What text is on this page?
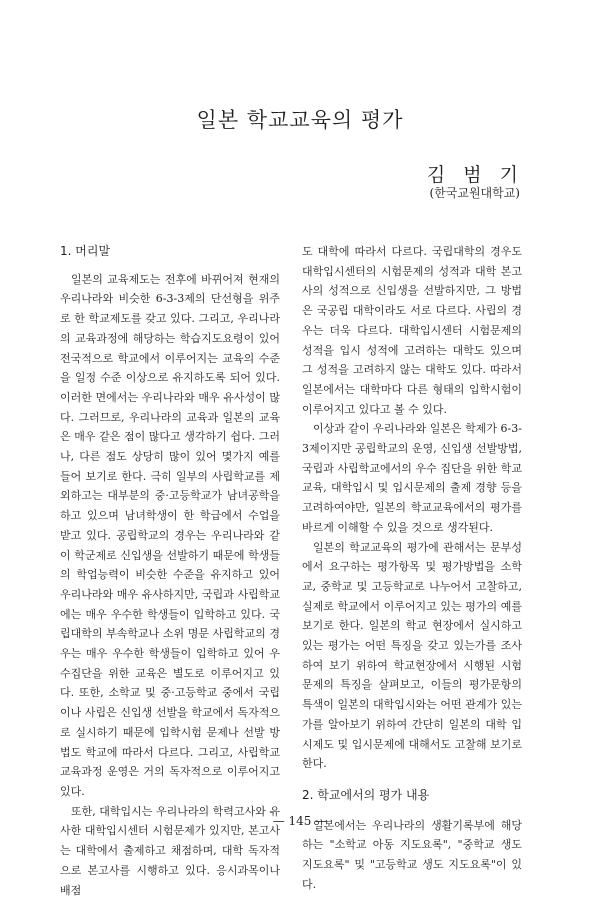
일본 학교교육의 평가
김 범 기
(한국교원대학교)
1. 머리말

일본의 교육제도는 전후에 바뀌어져 현재의 우리나라와 비슷한 6-3-3제의 단선형을 위주로 한 학교제도를 갖고 있다. 그리고, 우리나라의 교육과정에 해당하는 학습지도요령이 있어 전국적으로 학교에서 이루어지는 교육의 수준을 일정 수준 이상으로 유지하도록 되어 있다. 이러한 면에서는 우리나라와 매우 유사성이 많다. 그러므로, 우리나라의 교육과 일본의 교육은 매우 같은 점이 많다고 생각하기 쉽다. 그러나, 다른 점도 상당히 많이 있어 몇가지 예를 들어 보기로 한다. 극히 일부의 사립학교를 제외하고는 대부분의 중·고등학교가 남녀공학을 하고 있으며 남녀학생이 한 학급에서 수업을 받고 있다. 공립학교의 경우는 우리나라와 같이 학군제로 신입생을 선발하기 때문에 학생들의 학업능력이 비슷한 수준을 유지하고 있어 우리나라와 매우 유사하지만, 국립과 사립학교에는 매우 우수한 학생들이 입학하고 있다. 국립대학의 부속학교나 소위 명문 사립학교의 경우는 매우 우수한 학생들이 입학하고 있어 우수집단을 위한 교육은 별도로 이루어지고 있다. 또한, 소학교 및 중·고등학교 중에서 국립이나 사립은 신입생 선발을 학교에서 독자적으로 실시하기 때문에 입학시험 문제나 선발 방법도 학교에 따라서 다르다. 그리고, 사립학교 교육과정 운영은 거의 독자적으로 이루어지고 있다.

또한, 대학입시는 우리나라의 학력고사와 유사한 대학입시센터 시험문제가 있지만, 본고사는 대학에서 출제하고 채점하며, 대학 독자적으로 본고사를 시행하고 있다. 응시과목이나 배점

도 대학에 따라서 다르다. 국립대학의 경우도 대학입시센터의 시험문제의 성적과 대학 본고사의 성적으로 신입생을 선발하지만, 그 방법은 국공립 대학이라도 서로 다르다. 사립의 경우는 더욱 다르다. 대학입시센터 시험문제의 성적을 입시 성적에 고려하는 대학도 있으며 그 성적을 고려하지 않는 대학도 있다. 따라서 일본에서는 대학마다 다른 형태의 입학시험이 이루어지고 있다고 볼 수 있다.

이상과 같이 우리나라와 일본은 학제가 6-3-3제이지만 공립학교의 운영, 신입생 선발방법, 국립과 사립학교에서의 우수 집단을 위한 학교 교육, 대학입시 및 입시문제의 출제 경향 등을 고려하여야만, 일본의 학교교육에서의 평가를 바르게 이해할 수 있을 것으로 생각된다.

일본의 학교교육의 평가에 관해서는 문부성에서 요구하는 평가항목 및 평가방법을 소학교, 중학교 및 고등학교로 나누어서 고찰하고, 실제로 학교에서 이루어지고 있는 평가의 예를 보기로 한다. 일본의 학교 현장에서 실시하고 있는 평가는 어떤 특징을 갖고 있는가를 조사하여 보기 위하여 학교현장에서 시행된 시험 문제의 특징을 살펴보고, 이들의 평가문항의 특색이 일본의 대학입시와는 어떤 관계가 있는가를 알아보기 위하여 간단히 일본의 대학 입시제도 및 입시문제에 대해서도 고찰해 보기로 한다.

2. 학교에서의 평가 내용

일본에서는 우리나라의 생활기록부에 해당하는 "소학교 아동 지도요록", "중학교 생도 지도요록" 및 "고등학교 생도 지도요록"이 있다.

— 145 —
